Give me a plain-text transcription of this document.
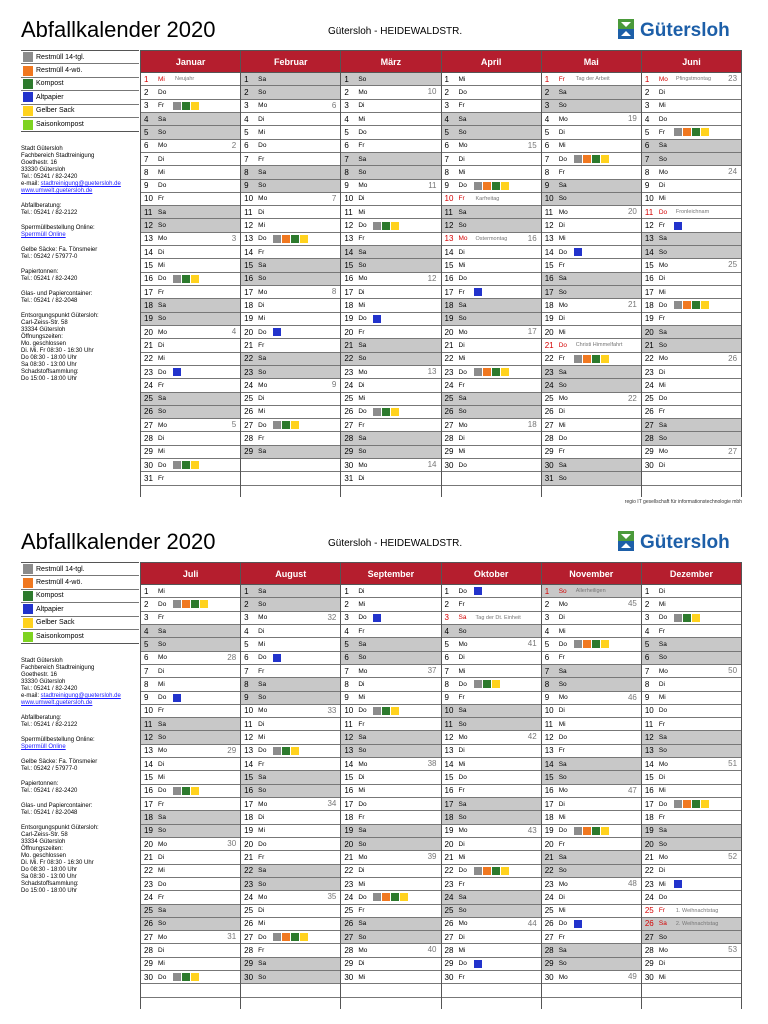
Abfallkalender 2020	Gütersloh - HEIDEWALDSTR.	Gütersloh
Restmüll 14-tgl.
Restmüll 4-wö.
Kompost
Altpapier
Gelber Sack
Saisonkompost

Stadt Gütersloh
Fachbereich Stadtreinigung
Goethestr. 16
33330 Gütersloh
Tel.: 05241 / 82-2420
e-mail: stadtreinigung@guetersloh.de
www.umwelt.guetersloh.de

Abfallberatung:
Tel.: 05241 / 82-2122

Sperrmüllbestellung Online:
Sperrmüll Online

Gelbe Säcke: Fa. Tönsmeier
Tel.: 05242 / 57977-0

Papiertonnen:
Tel.: 05241 / 82-2420

Glas- und Papiercontainer:
Tel.: 05241 / 82-2048

Entsorgungspunkt Gütersloh:
Carl-Zeiss-Str. 58
33334 Gütersloh
Öffnungszeiten:
Mo. geschlossen
Di. Mi. Fr 08:30 - 16:30 Uhr
Do 08:30 - 18:00 Uhr
Sa 08:30 - 13:00 Uhr
Schadstoffsammlung:
Do 15:00 - 18:00 Uhr

Januar
1	Mi	Neujahr
2	Do
3	Fr
4	Sa
5	So
6	Mo	2
7	Di
8	Mi
9	Do
10 Fr
11 Sa
12 So
13 Mo	3
14 Di
15 Mi
16 Do
17 Fr
18 Sa
19 So
20 Mo	4
21 Di
22 Mi
23 Do
24 Fr
25 Sa
26 So
27 Mo	5
28 Di
29 Mi
30 Do
31 Fr
Februar
1	Sa
2	So
3	Mo	6
4	Di
5	Mi
6	Do
7	Fr
8	Sa
9	So
10 Mo	7
11 Di
12 Mi
13 Do
14 Fr
15 Sa
16 So
17 Mo	8
18 Di
19 Mi
20 Do
21 Fr
22 Sa
23 So
24 Mo	9
25 Di
26 Mi
27 Do
28 Fr
29 Sa
März
1	So
2	Mo	10
3	Di
4	Mi
5	Do
6	Fr
7	Sa
8	So
9	Mo	11
10 Di
11 Mi
12 Do
13 Fr
14 Sa
15 So
16 Mo	12
17 Di
18 Mi
19 Do
20 Fr
21 Sa
22 So
23 Mo	13
24 Di
25 Mi
26 Do
27 Fr
28 Sa
29 So
30 Mo	14
31 Di
April
1	Mi
2	Do
3	Fr
4	Sa
5	So
6	Mo	15
7	Di
8	Mi
9	Do
10 Fr	Karfreitag
11 Sa
12 So
13 Mo	Ostermontag	16
14 Di
15 Mi
16 Do
17 Fr
18 Sa
19 So
20 Mo	17
21 Di
22 Mi
23 Do
24 Fr
25 Sa
26 So
27 Mo	18
28 Di
29 Mi
30 Do
Mai
1	Fr	Tag der Arbeit
2	Sa
3	So
4	Mo	19
5	Di
6	Mi
7	Do
8	Fr
9	Sa
10 So
11 Mo	20
12 Di
13 Mi
14 Do
15 Fr
16 Sa
17 So
18 Mo	21
19 Di
20 Mi
21 Do	Christi Himmelfahrt
22 Fr
23 Sa
24 So
25 Mo	22
26 Di
27 Mi
28 Do
29 Fr
30 Sa
31 So
Juni
1	Mo	Pfingstmontag 23
2	Di
3	Mi
4	Do
5	Fr
6	Sa
7	So
8	Mo	24
9	Di
10 Mi
11 Do	Fronleichnam
12 Fr
13 Sa
14 So
15 Mo	25
16 Di
17 Mi
18 Do
19 Fr
20 Sa
21 So
22 Mo	26
23 Di
24 Mi
25 Do
26 Fr
27 Sa
28 So
29 Mo	27
30 Di
regio IT gesellschaft für informationstechnologie mbh
Abfallkalender 2020	Gütersloh - HEIDEWALDSTR.	Gütersloh
Restmüll 14-tgl.
Restmüll 4-wö.
Kompost
Altpapier
Gelber Sack
Saisonkompost

Stadt Gütersloh
Fachbereich Stadtreinigung
Goethestr. 16
33330 Gütersloh
Tel.: 05241 / 82-2420
e-mail: stadtreinigung@guetersloh.de
www.umwelt.guetersloh.de

Abfallberatung:
Tel.: 05241 / 82-2122

Sperrmüllbestellung Online:
Sperrmüll Online

Gelbe Säcke: Fa. Tönsmeier
Tel.: 05242 / 57977-0

Papiertonnen:
Tel.: 05241 / 82-2420

Glas- und Papiercontainer:
Tel.: 05241 / 82-2048

Entsorgungspunkt Gütersloh:
Carl-Zeiss-Str. 58
33334 Gütersloh
Öffnungszeiten:
Mo. geschlossen
Di. Mi. Fr 08:30 - 16:30 Uhr
Do 08:30 - 18:00 Uhr
Sa 08:30 - 13:00 Uhr
Schadstoffsammlung:
Do 15:00 - 18:00 Uhr

Juli
1	Mi
2	Do
3	Fr
4	Sa
5	So
6	Mo	28
7	Di
8	Mi
9	Do
10 Fr
11 Sa
12 So
13 Mo	29
14 Di
15 Mi
16 Do
17 Fr
18 Sa
19 So
20 Mo	30
21 Di
22 Mi
23 Do
24 Fr
25 Sa
26 So
27 Mo	31
28 Di
29 Mi
30 Do
August
1	Sa
2	So
3	Mo	32
4	Di
5	Mi
6	Do
7	Fr
8	Sa
9	So
10 Mo	33
11 Di
12 Mi
13 Do
14 Fr
15 Sa
16 So
17 Mo	34
18 Di
19 Mi
20 Do
21 Fr
22 Sa
23 So
24 Mo	35
25 Di
26 Mi
27 Do
28 Fr
29 Sa
30 So
September
1	Di
2	Mi
3	Do
4	Fr
5	Sa
6	So
7	Mo	37
8	Di
9	Mi
10 Do
11 Fr
12 Sa
13 So
14 Mo	38
15 Di
16 Mi
17 Do
18 Fr
19 Sa
20 So
21 Mo	39
22 Di
23 Mi
24 Do
25 Fr
26 Sa
27 So
28 Mo	40
29 Di
30 Mi
Oktober
1	Do
2	Fr
3	Sa	Tag der Dt. Einheit
4	So
5	Mo	41
6	Di
7	Mi
8	Do
9	Fr
10 Sa
11 So
12 Mo	42
13 Di
14 Mi
15 Do
16 Fr
17 Sa
18 So
19 Mo	43
20 Di
21 Mi
22 Do
23 Fr
24 Sa
25 So
26 Mo	44
27 Di
28 Mi
29 Do
30 Fr
November
1	So	Allerheiligen
2	Mo	45
3	Di
4	Mi
5	Do
6	Fr
7	Sa
8	So
9	Mo	46
10 Di
11 Mi
12 Do
13 Fr
14 Sa
15 So
16 Mo	47
17 Di
18 Mi
19 Do
20 Fr
21 Sa
22 So
23 Mo	48
24 Di
25 Mi
26 Do
27 Fr
28 Sa
29 So
30 Mo	49
Dezember
1	Di
2	Mi
3	Do
4	Fr
5	Sa
6	So
7	Mo	50
8	Di
9	Mi
10 Do
11 Fr
12 Sa
13 So
14 Mo	51
15 Di
16 Mi
17 Do
18 Fr
19 Sa
20 So
21 Mo	52
22 Di
23 Mi
24 Do
25 Fr	1. Weihnachtstag
26 Sa	2. Weihnachtstag
27 So
28 Mo	53
29 Di
30 Mi
